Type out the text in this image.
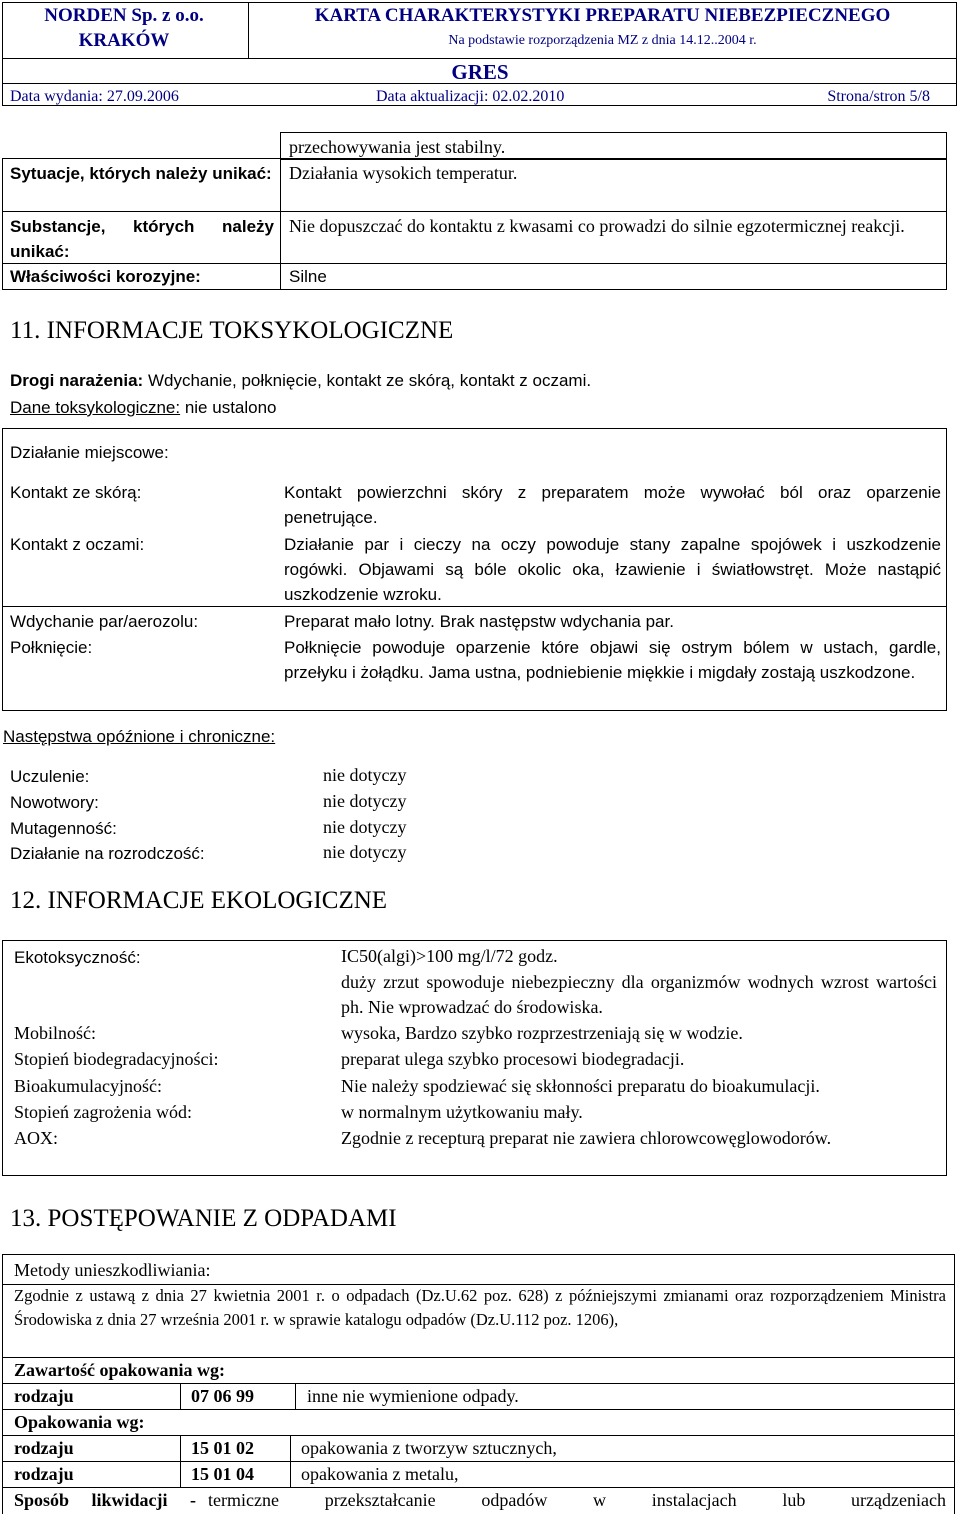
NORDEN Sp. z o.o.
KRAKÓW
KARTA CHARAKTERYSTYKI PREPARATU NIEBEZPIECZNEGO
Na podstawie rozporządzenia MZ z dnia 14.12..2004 r.
GRES
Data wydania: 27.09.2006	Data aktualizacji: 02.02.2010	Strona/stron 5/8
przechowywania jest stabilny.
Sytuacje, których należy unikać: Działania wysokich temperatur.
Substancje, których należy unikać:
Nie dopuszczać do kontaktu z kwasami co prowadzi do silnie egzotermicznej reakcji.
Właściwości korozyjne:	Silne
11. INFORMACJE TOKSYKOLOGICZNE
Drogi narażenia: Wdychanie, połknięcie, kontakt ze skórą, kontakt z oczami.
Dane toksykologiczne: nie ustalono
Działanie miejscowe:
Kontakt ze skórą:	Kontakt powierzchni skóry z preparatem może wywołać ból oraz oparzenie penetrujące.
Kontakt z oczami:	Działanie par i cieczy na oczy powoduje stany zapalne spojówek i uszkodzenie rogówki. Objawami są bóle okolic oka, łzawienie i światłowstręt. Może nastąpić uszkodzenie wzroku.
Wdychanie par/aerozolu:	Preparat mało lotny. Brak następstw wdychania par.
Połknięcie:	Połknięcie powoduje oparzenie które objawi się ostrym bólem w ustach, gardle, przełyku i żołądku. Jama ustna, podniebienie miękkie i migdały zostają uszkodzone.
Następstwa opóźnione i chroniczne:
Uczulenie:	nie dotyczy
Nowotwory:	nie dotyczy
Mutagenność:	nie dotyczy
Działanie na rozrodczość:	nie dotyczy
12. INFORMACJE EKOLOGICZNE
Ekotoksyczność:	IC50(algi)>100 mg/l/72 godz.
duży zrzut spowoduje niebezpieczny dla organizmów wodnych wzrost wartości ph. Nie wprowadzać do środowiska.
Mobilność:	wysoka, Bardzo szybko rozprzestrzeniają się w wodzie.
Stopień biodegradacyjności:	preparat ulega szybko procesowi biodegradacji.
Bioakumulacyjność:	Nie należy spodziewać się skłonności preparatu do bioakumulacji.
Stopień zagrożenia wód:	w normalnym użytkowaniu mały.
AOX:	Zgodnie z recepturą preparat nie zawiera chlorowcowęglowodorów.
13. POSTĘPOWANIE Z ODPADAMI
Metody unieszkodliwiania:
Zgodnie z ustawą z dnia 27 kwietnia 2001 r. o odpadach (Dz.U.62 poz. 628) z późniejszymi zmianami oraz rozporządzeniem Ministra Środowiska z dnia 27 września 2001 r. w sprawie katalogu odpadów (Dz.U.112 poz. 1206),
Zawartość opakowania wg:
rodzaju	07 06 99	inne nie wymienione odpady.
Opakowania wg:
rodzaju	15 01 02	opakowania z tworzyw sztucznych,
rodzaju	15 01 04	opakowania z metalu,
Sposób likwidacji - termiczne przekształcanie odpadów w instalacjach lub urządzeniach
